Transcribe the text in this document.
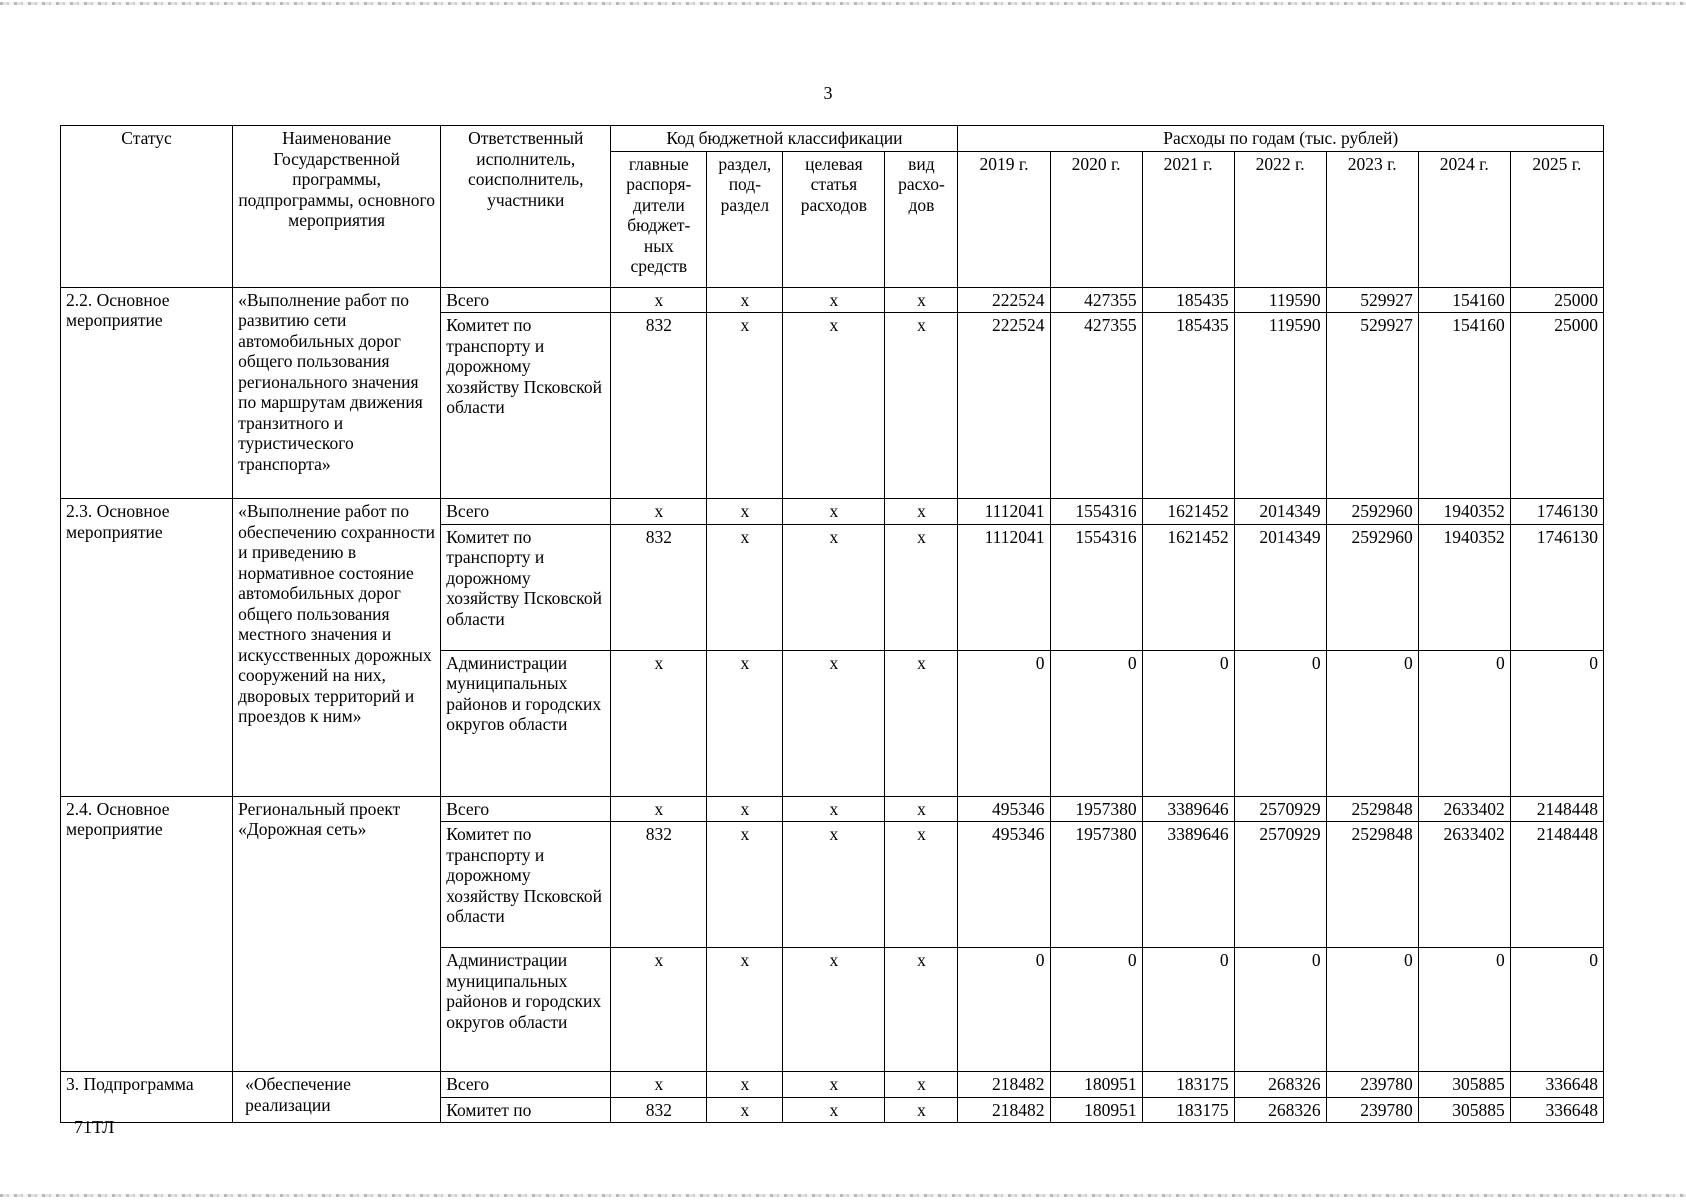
3
Статус	Наименование Государственной программы, подпрограммы, основного мероприятия	Ответственный исполнитель, соисполнитель, участники	Код бюджетной классификации				Расходы по годам (тыс. рублей)						
			главные распоря-дители бюджет-ных средств	раздел, под-раздел	целевая статья расходов	вид расхо-дов	2019 г.	2020 г.	2021 г.	2022 г.	2023 г.	2024 г.	2025 г.
2.2. Основное мероприятие	«Выполнение работ по развитию сети автомобильных дорог общего пользования регионального значения по маршрутам движения транзитного и туристического транспорта»	Всего	x	x	x	x	222524	427355	185435	119590	529927	154160	25000
		Комитет по транспорту и дорожному хозяйству Псковской области	832	x	x	x	222524	427355	185435	119590	529927	154160	25000
2.3. Основное мероприятие	«Выполнение работ по обеспечению сохранности и приведению в нормативное состояние автомобильных дорог общего пользования местного значения и искусственных дорожных сооружений на них, дворовых территорий и проездов к ним»	Всего	x	x	x	x	1112041	1554316	1621452	2014349	2592960	1940352	1746130
		Комитет по транспорту и дорожному хозяйству Псковской области	832	x	x	x	1112041	1554316	1621452	2014349	2592960	1940352	1746130
		Администрации муниципальных районов и городских округов области	x	x	x	x	0	0	0	0	0	0	0
2.4. Основное мероприятие	Региональный проект «Дорожная сеть»	Всего	x	x	x	x	495346	1957380	3389646	2570929	2529848	2633402	2148448
		Комитет по транспорту и дорожному хозяйству Псковской области	832	x	x	x	495346	1957380	3389646	2570929	2529848	2633402	2148448
		Администрации муниципальных районов и городских округов области	x	x	x	x	0	0	0	0	0	0	0
3. Подпрограмма	«Обеспечение реализации	Всего	x	x	x	x	218482	180951	183175	268326	239780	305885	336648
		Комитет по	832	x	x	x	218482	180951	183175	268326	239780	305885	336648
71ТЛ
